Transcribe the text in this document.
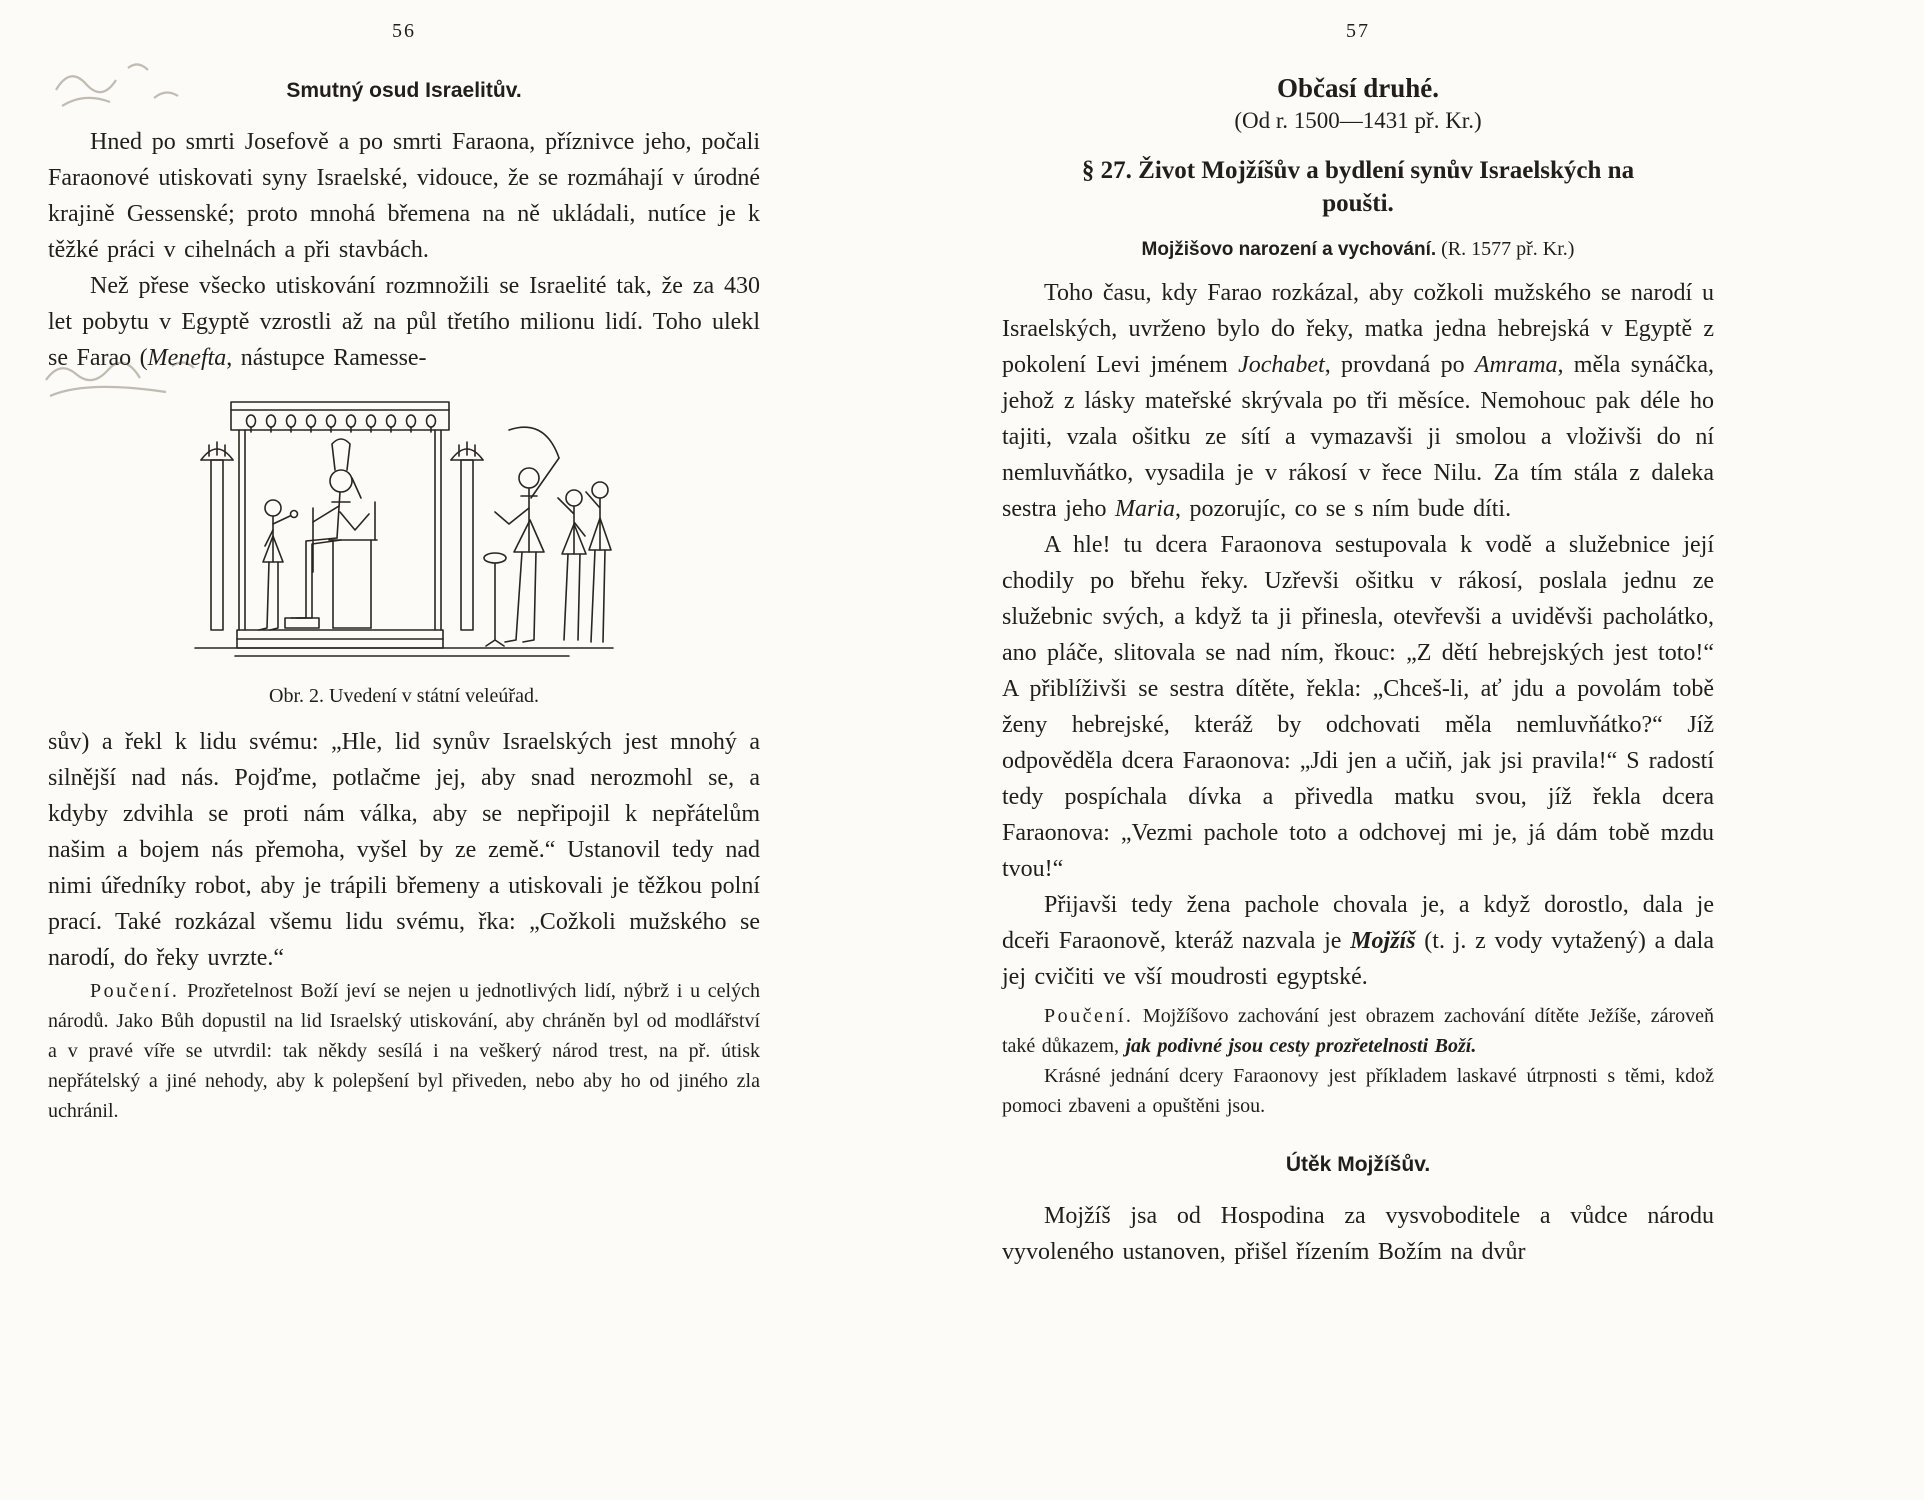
56
Smutný osud Israelitův.

Hned po smrti Josefově a po smrti Faraona, příznivce jeho, počali Faraonové utiskovati syny Israelské, vidouce, že se rozmáhají v úrodné krajině Gessenské; proto mnohá břemena na ně ukládali, nutíce je k těžké práci v cihelnách a při stavbách.

Než přese všecko utiskování rozmnožili se Israelité tak, že za 430 let pobytu v Egyptě vzrostli až na půl třetího milionu lidí. Toho ulekl se Farao (Menefta, nástupce Ramesse-

Obr. 2. Uvedení v státní veleúřad.

sův) a řekl k lidu svému: „Hle, lid synův Israelských jest mnohý a silnější nad nás. Pojďme, potlačme jej, aby snad nerozmohl se, a kdyby zdvihla se proti nám válka, aby se nepřipojil k nepřátelům našim a bojem nás přemoha, vyšel by ze země.“ Ustanovil tedy nad nimi úředníky robot, aby je trápili břemeny a utiskovali je těžkou polní prací. Také rozkázal všemu lidu svému, řka: „Cožkoli mužského se narodí, do řeky uvrzte.“

Poučení. Prozřetelnost Boží jeví se nejen u jednotlivých lidí, nýbrž i u celých národů. Jako Bůh dopustil na lid Israelský utiskování, aby chráněn byl od modlářství a v pravé víře se utvrdil: tak někdy sesílá i na veškerý národ trest, na př. útisk nepřátelský a jiné nehody, aby k polepšení byl přiveden, nebo aby ho od jiného zla uchránil.

57
Občasí druhé.
(Od r. 1500—1431 př. Kr.)
§ 27. Život Mojžíšův a bydlení synův Israelských na poušti.
Mojžišovo narození a vychování. (R. 1577 př. Kr.)

Toho času, kdy Farao rozkázal, aby cožkoli mužského se narodí u Israelských, uvrženo bylo do řeky, matka jedna hebrejská v Egyptě z pokolení Levi jménem Jochabet, provdaná po Amrama, měla synáčka, jehož z lásky mateřské skrývala po tři měsíce. Nemohouc pak déle ho tajiti, vzala ošitku ze sítí a vymazavši ji smolou a vloživši do ní nemluvňátko, vysadila je v rákosí v řece Nilu. Za tím stála z daleka sestra jeho Maria, pozorujíc, co se s ním bude díti.

A hle! tu dcera Faraonova sestupovala k vodě a služebnice její chodily po břehu řeky. Uzřevši ošitku v rákosí, poslala jednu ze služebnic svých, a když ta ji přinesla, otevřevši a uviděvši pacholátko, ano pláče, slitovala se nad ním, řkouc: „Z dětí hebrejských jest toto!“ A přiblíživši se sestra dítěte, řekla: „Chceš-li, ať jdu a povolám tobě ženy hebrejské, kteráž by odchovati měla nemluvňátko?“ Jíž odpověděla dcera Faraonova: „Jdi jen a učiň, jak jsi pravila!“ S radostí tedy pospíchala dívka a přivedla matku svou, jíž řekla dcera Faraonova: „Vezmi pachole toto a odchovej mi je, já dám tobě mzdu tvou!“

Přijavši tedy žena pachole chovala je, a když dorostlo, dala je dceři Faraonově, kteráž nazvala je Mojžíš (t. j. z vody vytažený) a dala jej cvičiti ve vší moudrosti egyptské.

Poučení. Mojžíšovo zachování jest obrazem zachování dítěte Ježíše, zároveň také důkazem, jak podivné jsou cesty prozřetelnosti Boží.

Krásné jednání dcery Faraonovy jest příkladem laskavé útrpnosti s těmi, kdož pomoci zbaveni a opuštěni jsou.

Útěk Mojžíšův.

Mojžíš jsa od Hospodina za vysvoboditele a vůdce národu vyvoleného ustanoven, přišel řízením Božím na dvůr
